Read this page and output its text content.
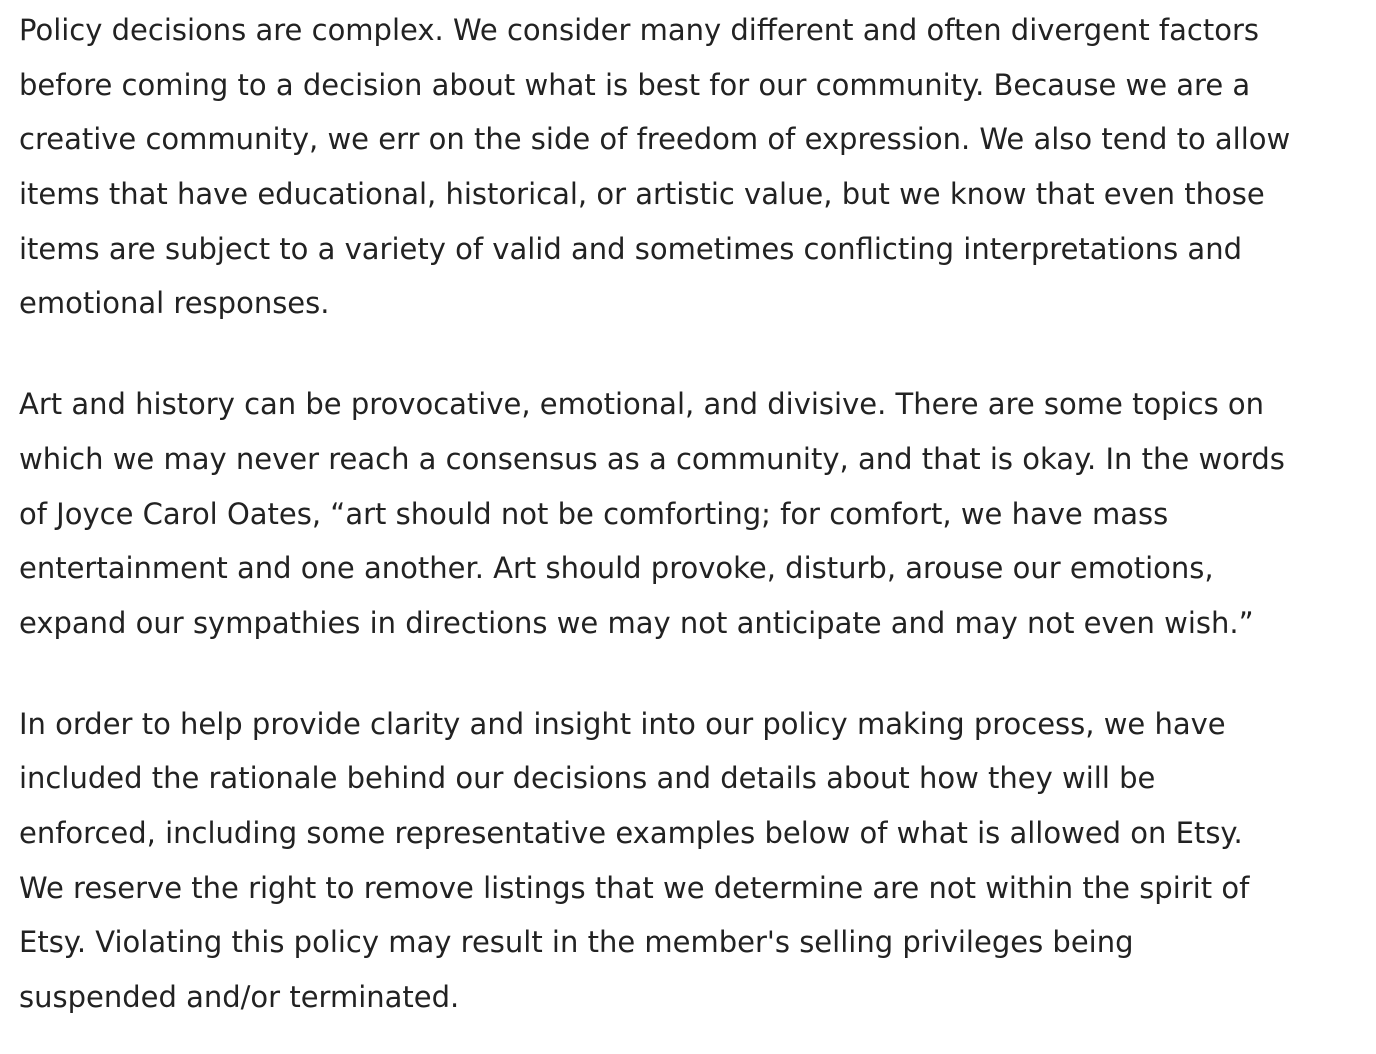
Policy decisions are complex. We consider many different and often divergent factors
before coming to a decision about what is best for our community. Because we are a
creative community, we err on the side of freedom of expression. We also tend to allow
items that have educational, historical, or artistic value, but we know that even those
items are subject to a variety of valid and sometimes conflicting interpretations and
emotional responses.

Art and history can be provocative, emotional, and divisive. There are some topics on
which we may never reach a consensus as a community, and that is okay. In the words
of Joyce Carol Oates, “art should not be comforting; for comfort, we have mass
entertainment and one another. Art should provoke, disturb, arouse our emotions,
expand our sympathies in directions we may not anticipate and may not even wish.”

In order to help provide clarity and insight into our policy making process, we have
included the rationale behind our decisions and details about how they will be
enforced, including some representative examples below of what is allowed on Etsy.
We reserve the right to remove listings that we determine are not within the spirit of
Etsy. Violating this policy may result in the member's selling privileges being
suspended and/or terminated.
